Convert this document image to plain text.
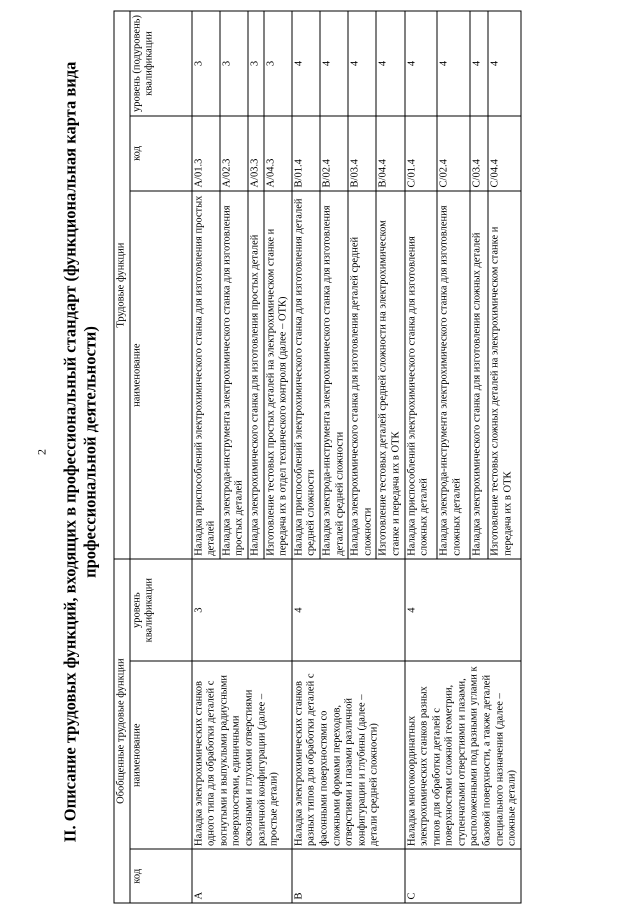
2 II. Описание трудовых функций, входящих в профессиональный стандарт (функциональная карта вида профессиональной деятельности)
Обобщенные трудовые функции			Трудовые функции		
код	наименование	уровень квалификации	наименование	код	уровень (подуровень) квалификации
A	Наладка электрохимических станков одного типа для обработки деталей с вогнутыми и выпуклыми радиусными поверхностями, единичными сквозными и глухими отверстиями различной конфигурации (далее – простые детали)	3	Наладка приспособлений электрохимического станка для изготовления простых деталей	A/01.3	3
			Наладка электрода-инструмента электрохимического станка для изготовления простых деталей	A/02.3	3
			Наладка электрохимического станка для изготовления простых деталей	A/03.3	3
			Изготовление тестовых простых деталей на электрохимическом станке и передача их в отдел технического контроля (далее – ОТК)	A/04.3	3
B	Наладка электрохимических станков разных типов для обработки деталей с фасонными поверхностями со сложными формами переходов, отверстиями и пазами различной конфигурации и глубины (далее – детали средней сложности)	4	Наладка приспособлений электрохимического станка для изготовления деталей средней сложности	B/01.4	4
			Наладка электрода-инструмента электрохимического станка для изготовления деталей средней сложности	B/02.4	4
			Наладка электрохимического станка для изготовления деталей средней сложности	B/03.4	4
			Изготовление тестовых деталей средней сложности на электрохимическом станке и передача их в ОТК	B/04.4	4
C	Наладка многокоординатных электрохимических станков разных типов для обработки деталей с поверхностями сложной геометрии, ступенчатыми отверстиями и пазами, расположенными под разными углами к базовой поверхности, а также деталей специального назначения (далее – сложные детали)	4	Наладка приспособлений электрохимического станка для изготовления сложных деталей	C/01.4	4
			Наладка электрода-инструмента электрохимического станка для изготовления сложных деталей	C/02.4	4
			Наладка электрохимического станка для изготовления сложных деталей	C/03.4	4
			Изготовление тестовых сложных деталей на электрохимическом станке и передача их в ОТК	C/04.4	4
